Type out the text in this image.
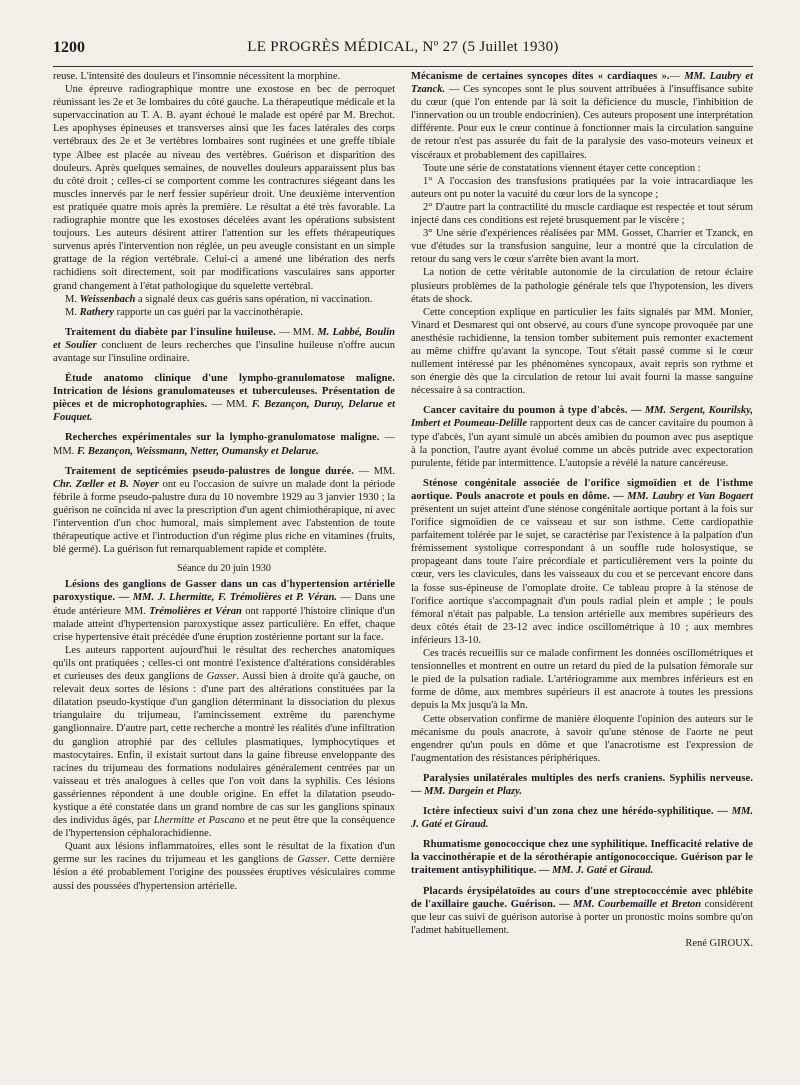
1200	LE PROGRÈS MÉDICAL, Nº 27 (5 Juillet 1930)

reuse. L'intensité des douleurs et l'insomnie nécessitent la morphine.

Une épreuve radiographique montre une exostose en bec de perroquet réunissant les 2e et 3e lombaires du côté gauche. La thérapeutique médicale et la supervaccination au T. A. B. ayant échoué le malade est opéré par M. Brechot. Les apophyses épineuses et transverses ainsi que les faces latérales des corps vertébraux des 2e et 3e vertèbres lombaires sont ruginées et une greffe tibiale type Albee est placée au niveau des vertèbres. Guérison et disparition des douleurs. Après quelques semaines, de nouvelles douleurs apparaissent plus bas du côté droit ; celles-ci se comportent comme les contractures siégeant dans les muscles innervés par le nerf fessier supérieur droit. Une deuxième intervention est pratiquée quatre mois après la première. Le résultat a été très favorable. La radiographie montre que les exostoses décelées avant les opérations subsistent toujours. Les auteurs désirent attirer l'attention sur les effets thérapeutiques survenus après l'intervention non réglée, un peu aveugle consistant en un simple grattage de la région vertébrale. Celui-ci a amené une libération des nerfs rachidiens soit directement, soit par modifications vasculaires sans apporter grand changement à l'état pathologique du squelette vertébral.

M. Weissenbach a signalé deux cas guéris sans opération, ni vaccination.

M. Rathery rapporte un cas guéri par la vaccinothérapie.

Traitement du diabète par l'insuline huileuse. — MM. M. Labbé, Boulin et Soulier concluent de leurs recherches que l'insuline huileuse n'offre aucun avantage sur l'insuline ordinaire.

Étude anatomo clinique d'une lympho-granulomatose maligne. Intrication de lésions granulomateuses et tuberculeuses. Présentation de pièces et de microphotographies. — MM. F. Bezançon, Duruy, Delarue et Fouquet.

Recherches expérimentales sur la lympho-granulomatose maligne. — MM. F. Bezançon, Weissmann, Netter, Oumansky et Delarue.

Traitement de septicémies pseudo-palustres de longue durée. — MM. Chr. Zœller et B. Noyer ont eu l'occasion de suivre un malade dont la période fébrile à forme pseudo-palustre dura du 10 novembre 1929 au 3 janvier 1930 ; la guérison ne coïncida ni avec la prescription d'un agent chimiothérapique, ni avec l'intervention d'un choc humoral, mais simplement avec l'abstention de toute thérapeutique active et l'introduction d'un régime plus riche en vitamines (fruits, blé germé). La guérison fut remarquablement rapide et complète.

Séance du 20 juin 1930

Lésions des ganglions de Gasser dans un cas d'hypertension artérielle paroxystique. — MM. J. Lhermitte, F. Trémolières et P. Véran. — Dans une étude antérieure MM. Trémolières et Véran ont rapporté l'histoire clinique d'un malade atteint d'hypertension paroxystique assez particulière. En effet, chaque crise hypertensive était précédée d'une éruption zostérienne portant sur la face.

Les auteurs rapportent aujourd'hui le résultat des recherches anatomiques qu'ils ont pratiquées ; celles-ci ont montré l'existence d'altérations considérables et curieuses des deux ganglions de Gasser. Aussi bien à droite qu'à gauche, on relevait deux sortes de lésions : d'une part des altérations constituées par la dilatation pseudo-kystique d'un ganglion déterminant la dissociation du plexus triangulaire du trijumeau, l'amincissement extrême du parenchyme ganglionnaire. D'autre part, cette recherche a montré les réalités d'une infiltration du ganglion atrophié par des cellules plasmatiques, lymphocytiques et mastocytaires. Enfin, il existait surtout dans la gaine fibreuse enveloppante des racines du trijumeau des formations nodulaires généralement centrées par un vaisseau et très analogues à celles que l'on voit dans la syphilis. Ces lésions gassériennes répondent à une double origine. En effet la dilatation pseudo-kystique a été constatée dans un grand nombre de cas sur les ganglions spinaux des individus âgés, par Lhermitte et Pascano et ne peut être que la conséquence de l'hypertension céphalorachidienne.

Quant aux lésions inflammatoires, elles sont le résultat de la fixation d'un germe sur les racines du trijumeau et les ganglions de Gasser. Cette dernière lésion a été probablement l'origine des poussées éruptives vésiculaires comme aussi des poussées d'hypertension artérielle.

Mécanisme de certaines syncopes dites « cardiaques ».— MM. Laubry et Tzanck. — Ces syncopes sont le plus souvent attribuées à l'insuffisance subite du cœur (que l'on entende par là soit la déficience du muscle, l'inhibition de l'innervation ou un trouble endocrinien). Ces auteurs proposent une interprétation différente. Pour eux le cœur continue à fonctionner mais la circulation sanguine de retour n'est pas assurée du fait de la paralysie des vaso-moteurs veineux et viscéraux et probablement des capillaires.

Toute une série de constatations viennent étayer cette conception :

1° A l'occasion des transfusions pratiquées par la voie intracardiaque les auteurs ont pu noter la vacuité du cœur lors de la syncope ;

2° D'autre part la contractilité du muscle cardiaque est respectée et tout sérum injecté dans ces conditions est rejeté brusquement par le viscère ;

3° Une série d'expériences réalisées par MM. Gosset, Charrier et Tzanck, en vue d'études sur la transfusion sanguine, leur a montré que la circulation de retour du sang vers le cœur s'arrête bien avant la mort.

La notion de cette véritable autonomie de la circulation de retour éclaire plusieurs problèmes de la pathologie générale tels que l'hypotension, les divers états de shock.

Cette conception explique en particulier les faits signalés par MM. Monier, Vinard et Desmarest qui ont observé, au cours d'une syncope provoquée par une anesthésie rachidienne, la tension tomber subitement puis remonter exactement au même chiffre qu'avant la syncope. Tout s'était passé comme si le cœur nullement intéressé par les phénomènes syncopaux, avait repris son rythme et son énergie dès que la circulation de retour lui avait fourni la masse sanguine nécessaire à sa contraction.

Cancer cavitaire du poumon à type d'abcès. — MM. Sergent, Kourilsky, Imbert et Poumeau-Delille rapportent deux cas de cancer cavitaire du poumon à type d'abcès, l'un ayant simulé un abcès amibien du poumon avec pus aseptique à la ponction, l'autre ayant évolué comme un abcès putride avec expectoration purulente, fétide par intermittence. L'autopsie a révélé la nature cancéreuse.

Sténose congénitale associée de l'orifice sigmoïdien et de l'isthme aortique. Pouls anacrote et pouls en dôme. — MM. Laubry et Van Bogaert présentent un sujet atteint d'une sténose congénitale aortique portant à la fois sur l'orifice sigmoïdien de ce vaisseau et sur son isthme. Cette cardiopathie parfaitement tolérée par le sujet, se caractérise par l'existence à la palpation d'un frémissement systolique correspondant à un souffle rude holosystique, se propageant dans toute l'aire précordiale et particulièrement vers la pointe du cœur, vers les clavicules, dans les vaisseaux du cou et se percevant encore dans la fosse sus-épineuse de l'omoplate droite. Ce tableau propre à la sténose de l'orifice aortique s'accompagnait d'un pouls radial plein et ample ; le pouls fémoral n'était pas palpable. La tension artérielle aux membres supérieurs des deux côtés était de 23-12 avec indice oscillométrique à 10 ; aux membres inférieurs 13-10.

Ces tracés recueillis sur ce malade confirment les données oscillométriques et tensionnelles et montrent en outre un retard du pied de la pulsation fémorale sur le pied de la pulsation radiale. L'artériogramme aux membres inférieurs est en forme de dôme, aux membres supérieurs il est anacrote à toutes les pressions depuis la Mx jusqu'à la Mn.

Cette observation confirme de manière éloquente l'opinion des auteurs sur le mécanisme du pouls anacrote, à savoir qu'une sténose de l'aorte ne peut engendrer qu'un pouls en dôme et que l'anacrotisme est l'expression de l'augmentation des résistances périphériques.

Paralysies unilatérales multiples des nerfs craniens. Syphilis nerveuse. — MM. Dargein et Plazy.

Ictère infectieux suivi d'un zona chez une hérédo-syphilitique. — MM. J. Gaté et Giraud.

Rhumatisme gonococcique chez une syphilitique. Inefficacité relative de la vaccinothérapie et de la sérothérapie antigonococcique. Guérison par le traitement antisyphilitique. — MM. J. Gaté et Giraud.

Placards érysipélatoïdes au cours d'une streptococcémie avec phlébite de l'axillaire gauche. Guérison. — MM. Courbemaille et Breton considèrent que leur cas suivi de guérison autorise à porter un pronostic moins sombre qu'on l'admet habituellement.

René GIROUX.
